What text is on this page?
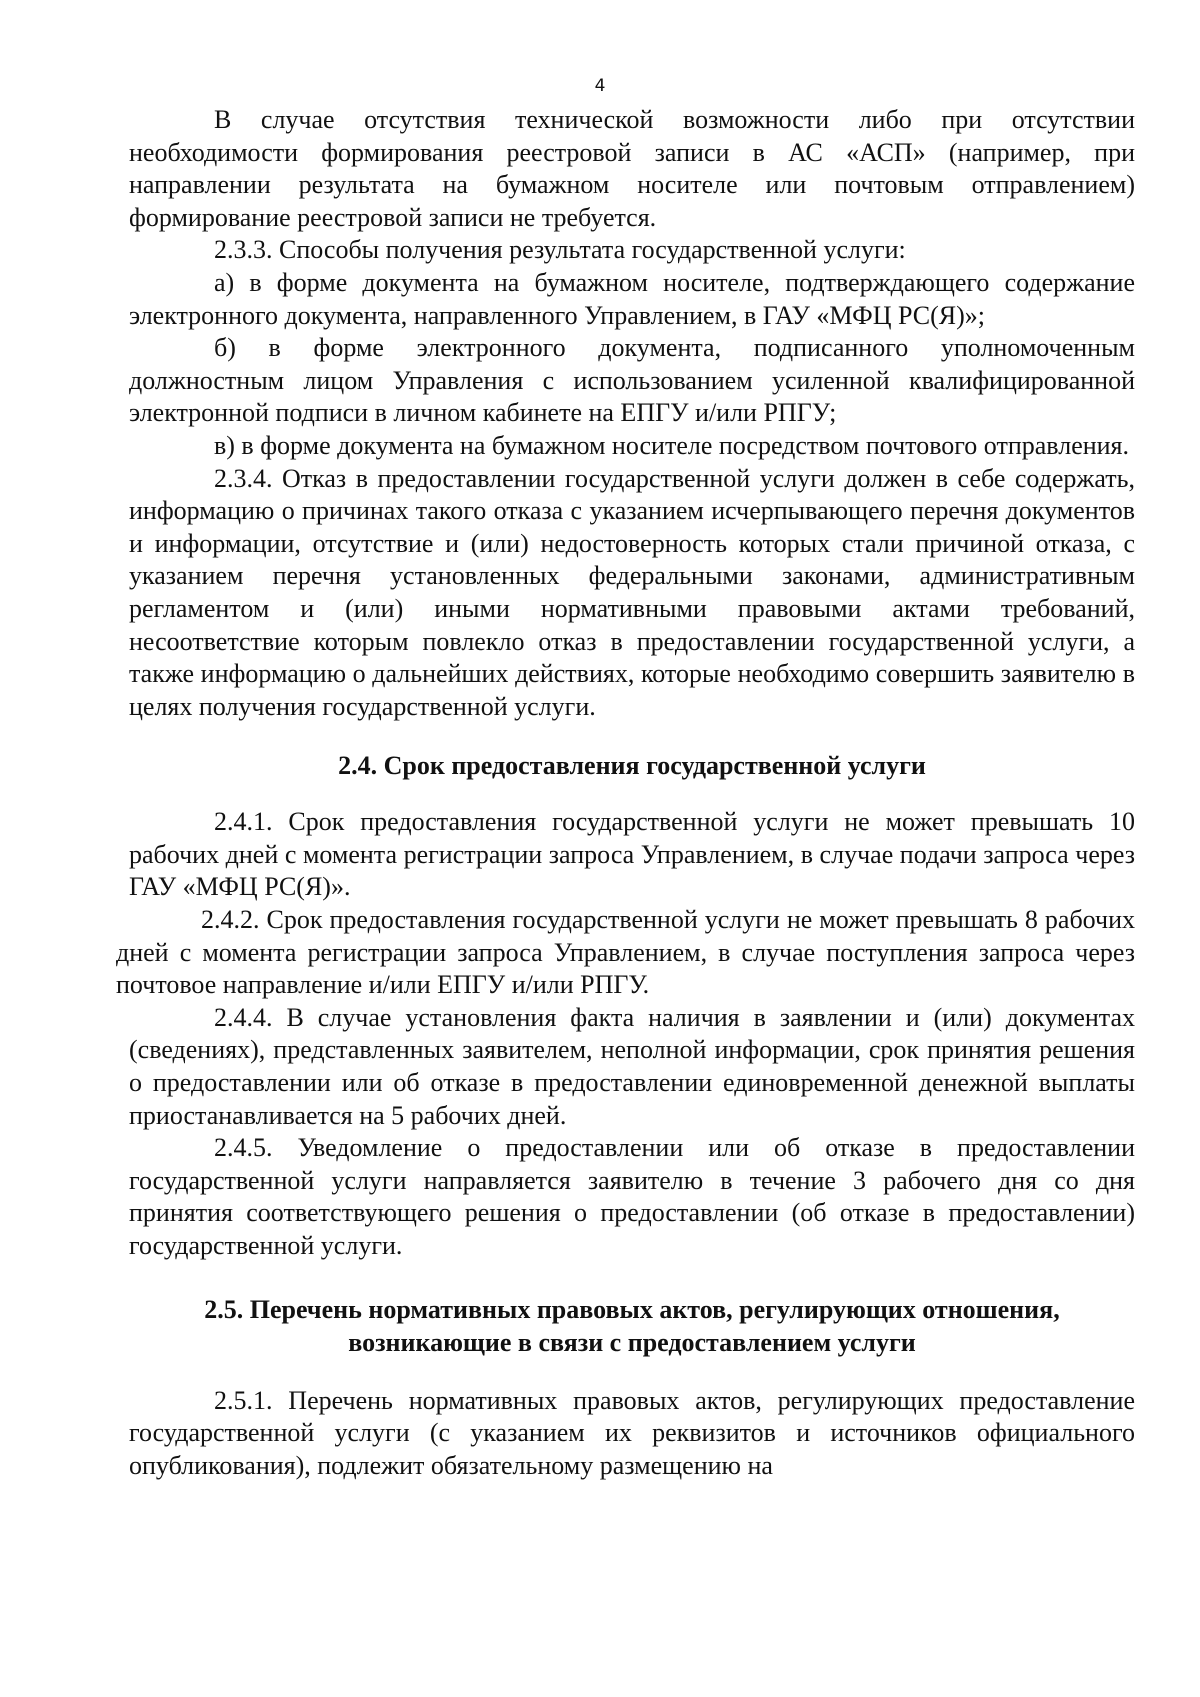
4

В случае отсутствия технической возможности либо при отсутствии необходимости формирования реестровой записи в АС «АСП» (например, при направлении результата на бумажном носителе или почтовым отправлением) формирование реестровой записи не требуется.

2.3.3. Способы получения результата государственной услуги:

а) в форме документа на бумажном носителе, подтверждающего содержание электронного документа, направленного Управлением, в ГАУ «МФЦ РС(Я)»;

б) в форме электронного документа, подписанного уполномоченным должностным лицом Управления с использованием усиленной квалифицированной электронной подписи в личном кабинете на ЕПГУ и/или РПГУ;

в) в форме документа на бумажном носителе посредством почтового отправления.

2.3.4. Отказ в предоставлении государственной услуги должен в себе содержать, информацию о причинах такого отказа с указанием исчерпывающего перечня документов и информации, отсутствие и (или) недостоверность которых стали причиной отказа, с указанием перечня установленных федеральными законами, административным регламентом и (или) иными нормативными правовыми актами требований, несоответствие которым повлекло отказ в предоставлении государственной услуги, а также информацию о дальнейших действиях, которые необходимо совершить заявителю в целях получения государственной услуги.

2.4. Срок предоставления государственной услуги

2.4.1. Срок предоставления государственной услуги не может превышать 10 рабочих дней с момента регистрации запроса Управлением, в случае подачи запроса через ГАУ «МФЦ РС(Я)».

2.4.2. Срок предоставления государственной услуги не может превышать 8 рабочих дней с момента регистрации запроса Управлением, в случае поступления запроса через почтовое направление и/или ЕПГУ и/или РПГУ.

2.4.4. В случае установления факта наличия в заявлении и (или) документах (сведениях), представленных заявителем, неполной информации, срок принятия решения о предоставлении или об отказе в предоставлении единовременной денежной выплаты приостанавливается на 5 рабочих дней.

2.4.5. Уведомление о предоставлении или об отказе в предоставлении государственной услуги направляется заявителю в течение 3 рабочего дня со дня принятия соответствующего решения о предоставлении (об отказе в предоставлении) государственной услуги.

2.5. Перечень нормативных правовых актов, регулирующих отношения,
возникающие в связи с предоставлением услуги

2.5.1. Перечень нормативных правовых актов, регулирующих предоставление государственной услуги (с указанием их реквизитов и источников официального опубликования), подлежит обязательному размещению на
